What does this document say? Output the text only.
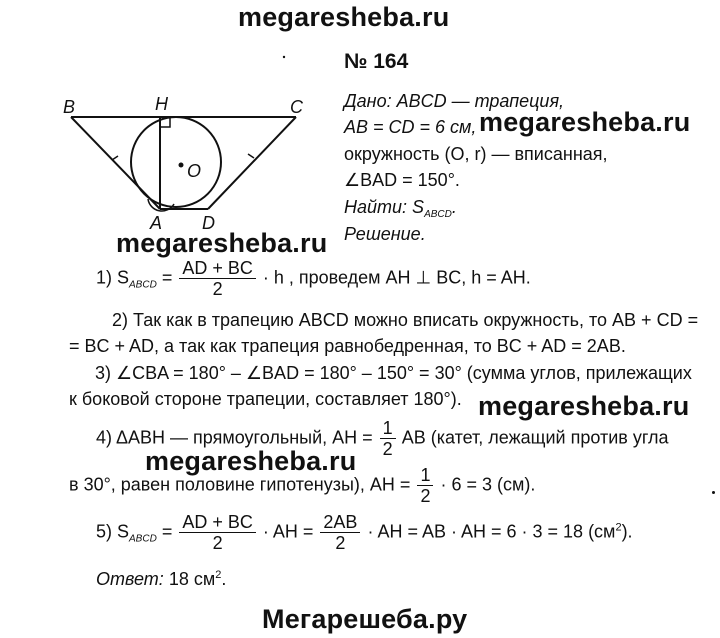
megaresheba.ru
megaresheba.ru
megaresheba.ru
megaresheba.ru
megaresheba.ru
Мегарешеба.ру
B	H	C
O
A D
№ 164
Дано: ABCD — трапеция,
AB = CD = 6 см,
окружность (O, r) — вписанная,
∠BAD = 150°.
Найти: $S_{ABCD}$.
Решение.
1) $S_{ABCD} = \frac{AD + BC}{2} \cdot h$ , проведем AH ⊥ BC, h = AH.
2) Так как в трапецию ABCD можно вписать окружность, то AB + CD =
= BC + AD, а так как трапеция равнобедренная, то BC + AD = 2AB.
3) ∠CBA = 180° – ∠BAD = 180° – 150° = 30° (сумма углов, прилежащих
к боковой стороне трапеции, составляет 180°).
4) ΔABH — прямоугольный, AH = $\frac{1}{2}$ AB (катет, лежащий против угла
в 30°, равен половине гипотенузы), AH = $\frac{1}{2} \cdot 6 = 3$ (см).
5) $S_{ABCD} = \frac{AD + BC}{2}$ · AH = $\frac{2AB}{2}$ · AH = AB · AH = 6 · 3 = 18 $(см^2)$.
Ответ: 18 $см^2$.
